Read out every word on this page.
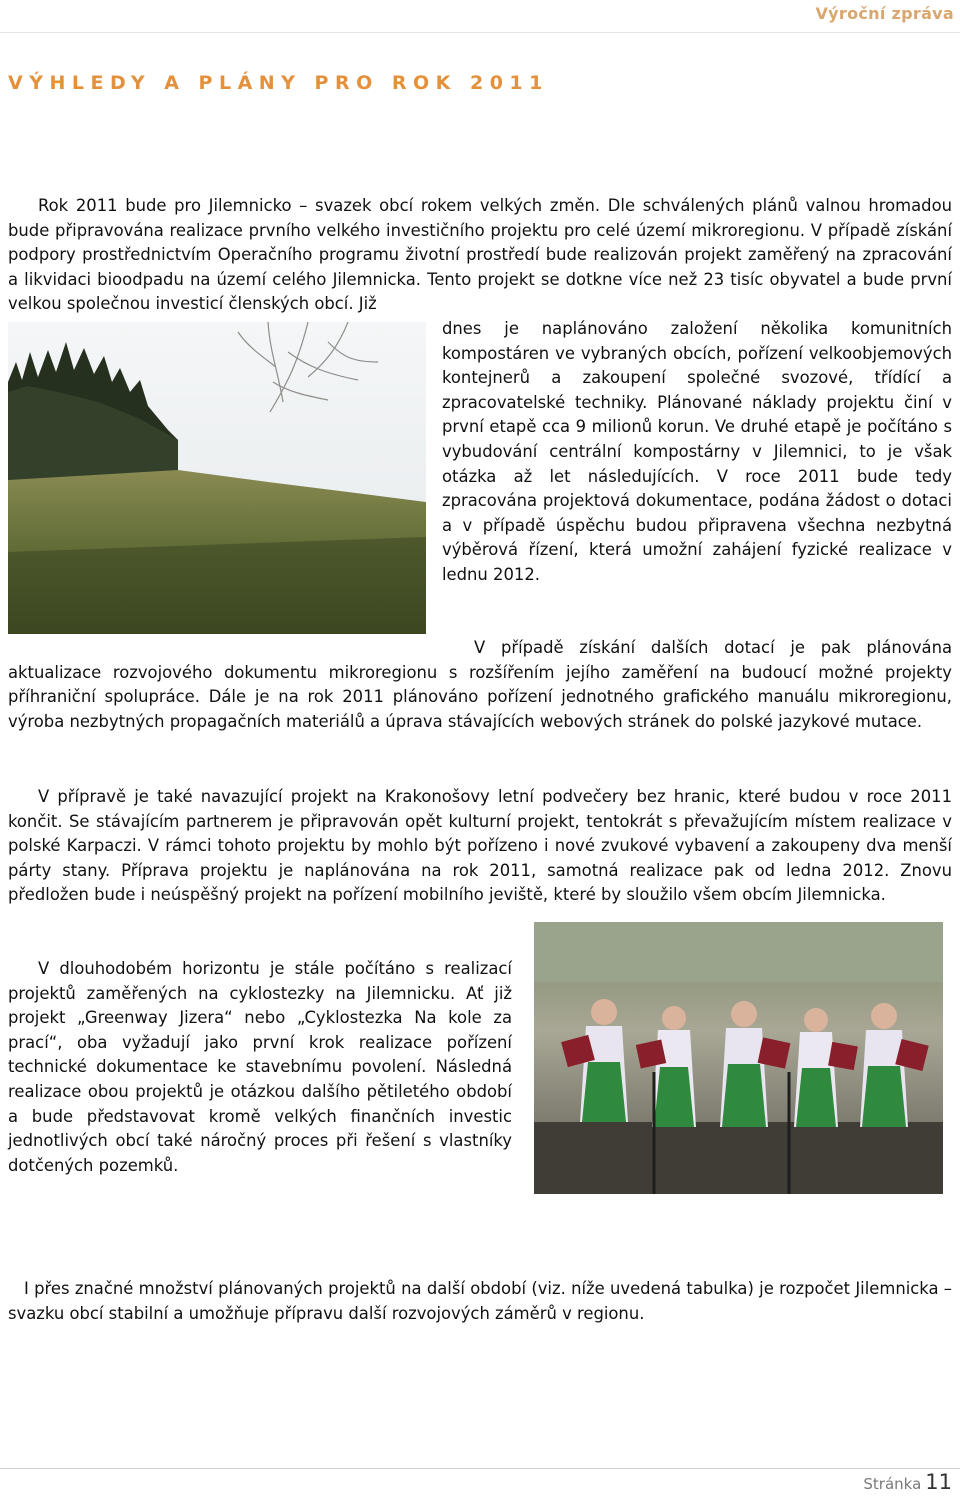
Výroční zpráva
VÝHLEDY A PLÁNY PRO ROK 2011

Rok 2011 bude pro Jilemnicko – svazek obcí rokem velkých změn. Dle schválených plánů valnou hromadou bude připravována realizace prvního velkého investičního projektu pro celé území mikroregionu. V případě získání podpory prostřednictvím Operačního programu životní prostředí bude realizován projekt zaměřený na zpracování a likvidaci bioodpadu na území celého Jilemnicka. Tento projekt se dotkne více než 23 tisíc obyvatel a bude první velkou společnou investicí členských obcí. Již

dnes je naplánováno založení několika komunitních kompostáren ve vybraných obcích, pořízení velkoobjemových kontejnerů a zakoupení společné svozové, třídící a zpracovatelské techniky. Plánované náklady projektu činí v první etapě cca 9 milionů korun. Ve druhé etapě je počítáno s vybudování centrální kompostárny v Jilemnici, to je však otázka až let následujících. V roce 2011 bude tedy zpracována projektová dokumentace, podána žádost o dotaci a v případě úspěchu budou připravena všechna nezbytná výběrová řízení, která umožní zahájení fyzické realizace v lednu 2012.

V případě získání dalších dotací je pak plánována aktualizace rozvojového dokumentu mikroregionu s rozšířením jejího zaměření na budoucí možné projekty příhraniční spolupráce. Dále je na rok 2011 plánováno pořízení jednotného grafického manuálu mikroregionu, výroba nezbytných propagačních materiálů a úprava stávajících webových stránek do polské jazykové mutace.

V přípravě je také navazující projekt na Krakonošovy letní podvečery bez hranic, které budou v roce 2011 končit. Se stávajícím partnerem je připravován opět kulturní projekt, tentokrát s převažujícím místem realizace v polské Karpaczi. V rámci tohoto projektu by mohlo být pořízeno i nové zvukové vybavení a zakoupeny dva menší párty stany. Příprava projektu je naplánována na rok 2011, samotná realizace pak od ledna 2012. Znovu předložen bude i neúspěšný projekt na pořízení mobilního jeviště, které by sloužilo všem obcím Jilemnicka.

V dlouhodobém horizontu je stále počítáno s realizací projektů zaměřených na cyklostezky na Jilemnicku. Ať již projekt „Greenway Jizera“ nebo „Cyklostezka Na kole za prací“, oba vyžadují jako první krok realizace pořízení technické dokumentace ke stavebnímu povolení. Následná realizace obou projektů je otázkou dalšího pětiletého období a bude představovat kromě velkých finančních investic jednotlivých obcí také náročný proces při řešení s vlastníky dotčených pozemků.

I přes značné množství plánovaných projektů na další období (viz. níže uvedená tabulka) je rozpočet Jilemnicka – svazku obcí stabilní a umožňuje přípravu další rozvojových záměrů v regionu.

Stránka 11
